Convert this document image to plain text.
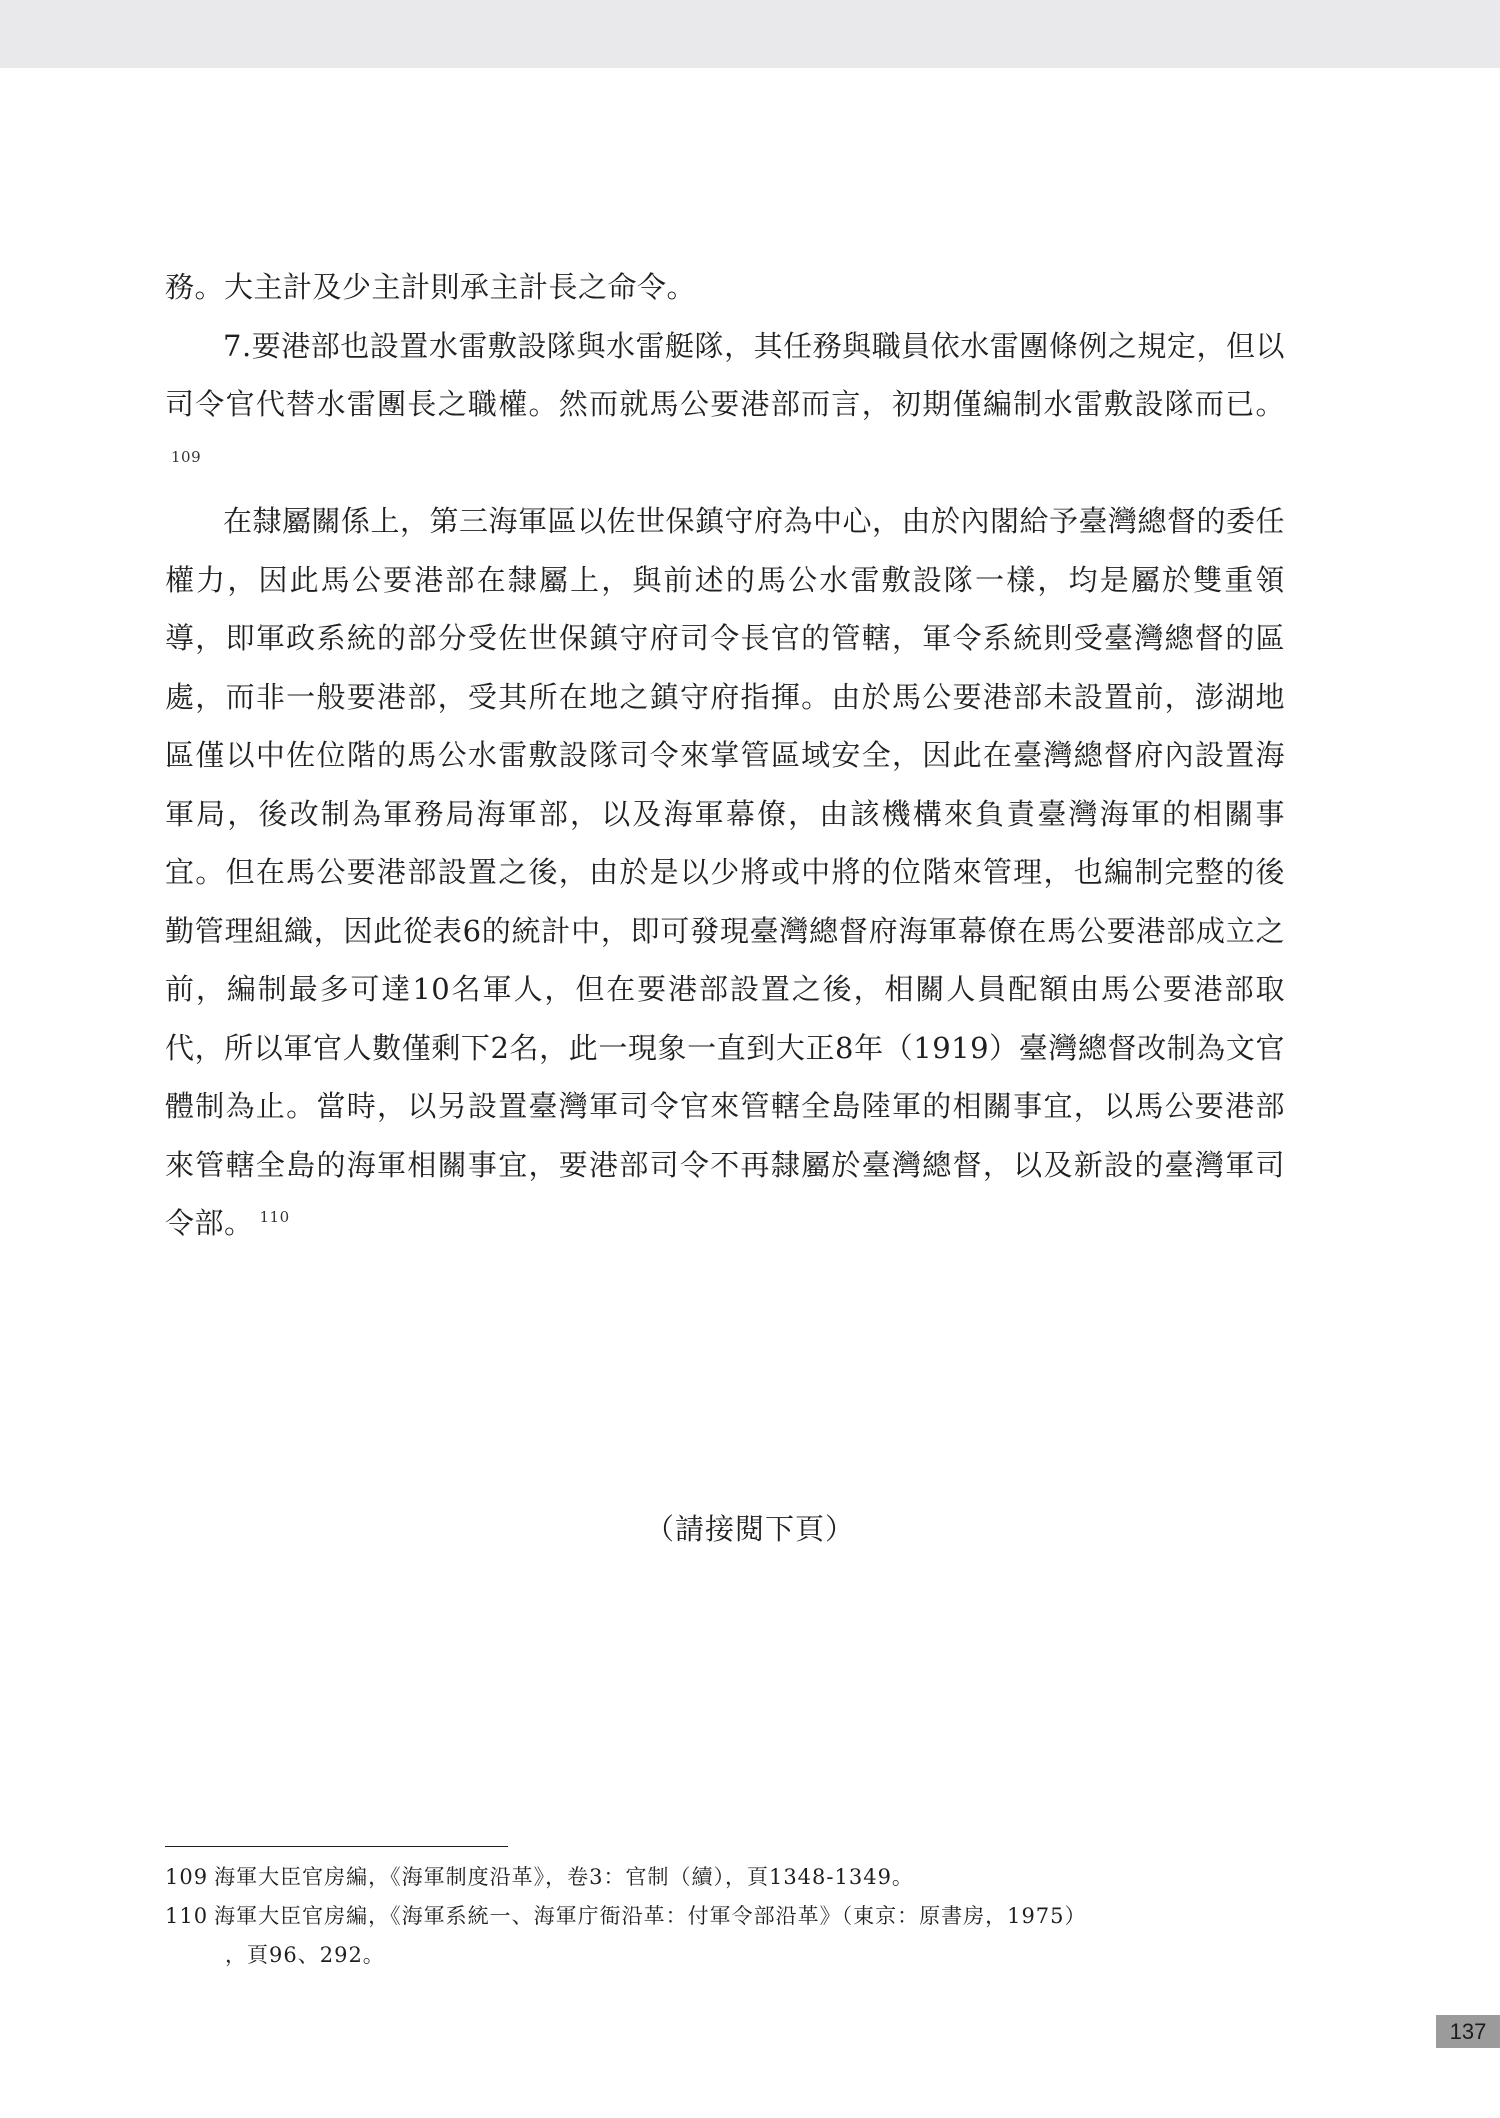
務。大主計及少主計則承主計長之命令。

7.要港部也設置水雷敷設隊與水雷艇隊，其任務與職員依水雷團條例之規定，但以司令官代替水雷團長之職權。然而就馬公要港部而言，初期僅編制水雷敷設隊而已。$^{109}$

在隸屬關係上，第三海軍區以佐世保鎮守府為中心，由於內閣給予臺灣總督的委任權力，因此馬公要港部在隸屬上，與前述的馬公水雷敷設隊一樣，均是屬於雙重領導，即軍政系統的部分受佐世保鎮守府司令長官的管轄，軍令系統則受臺灣總督的區處，而非一般要港部，受其所在地之鎮守府指揮。由於馬公要港部未設置前，澎湖地區僅以中佐位階的馬公水雷敷設隊司令來掌管區域安全，因此在臺灣總督府內設置海軍局，後改制為軍務局海軍部，以及海軍幕僚，由該機構來負責臺灣海軍的相關事宜。但在馬公要港部設置之後，由於是以少將或中將的位階來管理，也編制完整的後勤管理組織，因此從表6的統計中，即可發現臺灣總督府海軍幕僚在馬公要港部成立之前，編制最多可達10名軍人，但在要港部設置之後，相關人員配額由馬公要港部取代，所以軍官人數僅剩下2名，此一現象一直到大正8年（1919）臺灣總督改制為文官體制為止。當時，以另設置臺灣軍司令官來管轄全島陸軍的相關事宜，以馬公要港部來管轄全島的海軍相關事宜，要港部司令不再隸屬於臺灣總督，以及新設的臺灣軍司令部。 $^{110}$

（請接閱下頁）

109 海軍大臣官房編，《海軍制度沿革》，卷3：官制（續），頁1348-1349。

110 海軍大臣官房編，《海軍系統一、海軍庁衙沿革：付軍令部沿革》（東京：原書房，1975）
，頁96、292。

137
